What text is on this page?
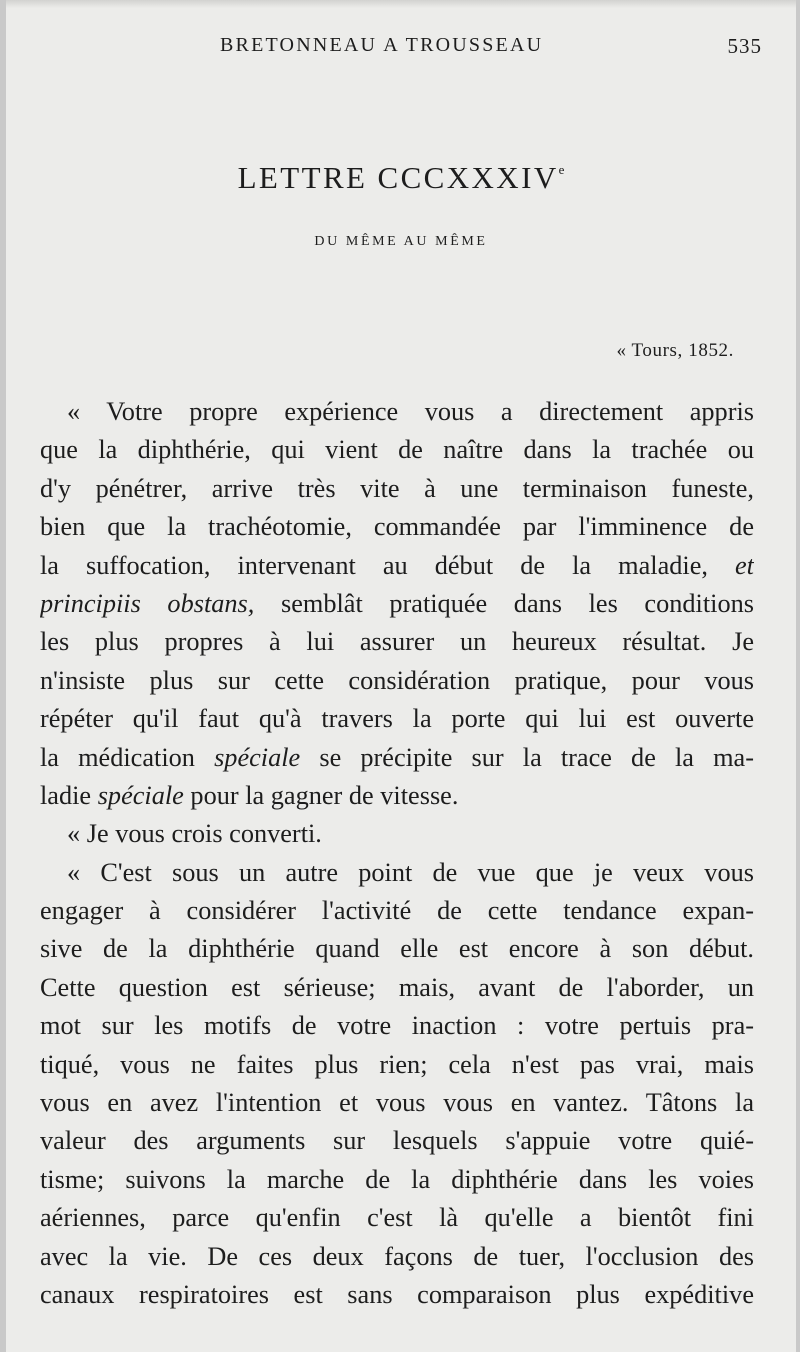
BRETONNEAU A TROUSSEAU	535
LETTRE CCCXXXIVe
DU MÊME AU MÊME
« Tours, 1852.
« Votre propre expérience vous a directement appris
que la diphthérie, qui vient de naître dans la trachée ou
d'y pénétrer, arrive très vite à une terminaison funeste,
bien que la trachéotomie, commandée par l'imminence de
la suffocation, intervenant au début de la maladie, et
principiis obstans, semblât pratiquée dans les conditions
les plus propres à lui assurer un heureux résultat. Je
n'insiste plus sur cette considération pratique, pour vous
répéter qu'il faut qu'à travers la porte qui lui est ouverte
la médication spéciale se précipite sur la trace de la ma-
ladie spéciale pour la gagner de vitesse.
« Je vous crois converti.
« C'est sous un autre point de vue que je veux vous
engager à considérer l'activité de cette tendance expan-
sive de la diphthérie quand elle est encore à son début.
Cette question est sérieuse; mais, avant de l'aborder, un
mot sur les motifs de votre inaction : votre pertuis pra-
tiqué, vous ne faites plus rien; cela n'est pas vrai, mais
vous en avez l'intention et vous vous en vantez. Tâtons la
valeur des arguments sur lesquels s'appuie votre quié-
tisme; suivons la marche de la diphthérie dans les voies
aériennes, parce qu'enfin c'est là qu'elle a bientôt fini
avec la vie. De ces deux façons de tuer, l'occlusion des
canaux respiratoires est sans comparaison plus expéditive
